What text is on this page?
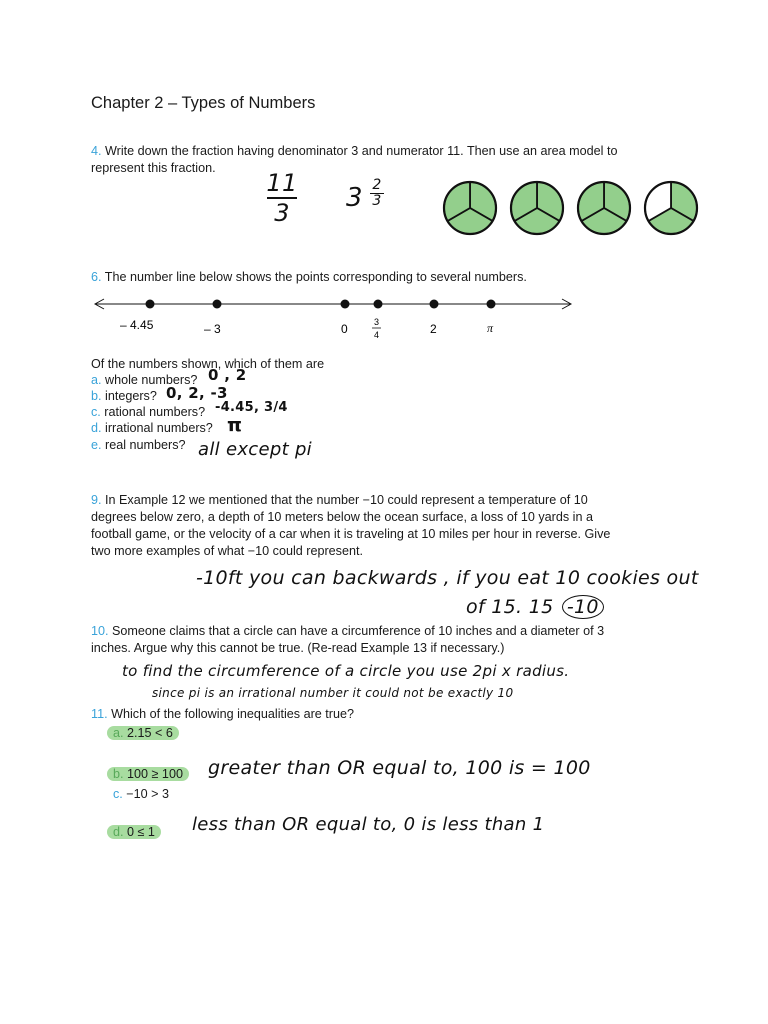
Chapter 2 – Types of Numbers
4. Write down the fraction having denominator 3 and numerator 11. Then use an area model to
represent this fraction.
11
3	3 2
3
6. The number line below shows the points corresponding to several numbers.
– 4.45	– 3	0	3
4	2	π
Of the numbers shown, which of them are
a. whole numbers? 0 , 2
b. integers? 0, 2, -3
c. rational numbers? -4.45, 3/4
d. irrational numbers? π
e. real numbers? all except pi
9. In Example 12 we mentioned that the number −10 could represent a temperature of 10
degrees below zero, a depth of 10 meters below the ocean surface, a loss of 10 yards in a
football game, or the velocity of a car when it is traveling at 10 miles per hour in reverse. Give
two more examples of what −10 could represent.
-10ft you can backwards , if you eat 10 cookies out
of 15. 15 -10
10. Someone claims that a circle can have a circumference of 10 inches and a diameter of 3
inches. Argue why this cannot be true. (Re-read Example 13 if necessary.)
to find the circumference of a circle you use 2pi x radius.
since pi is an irrational number it could not be exactly 10
11. Which of the following inequalities are true?
a. 2.15 < 6
b. 100 ≥ 100	greater than OR equal to, 100 is = 100
c. −10 > 3
d. 0 ≤ 1	less than OR equal to, 0 is less than 1
